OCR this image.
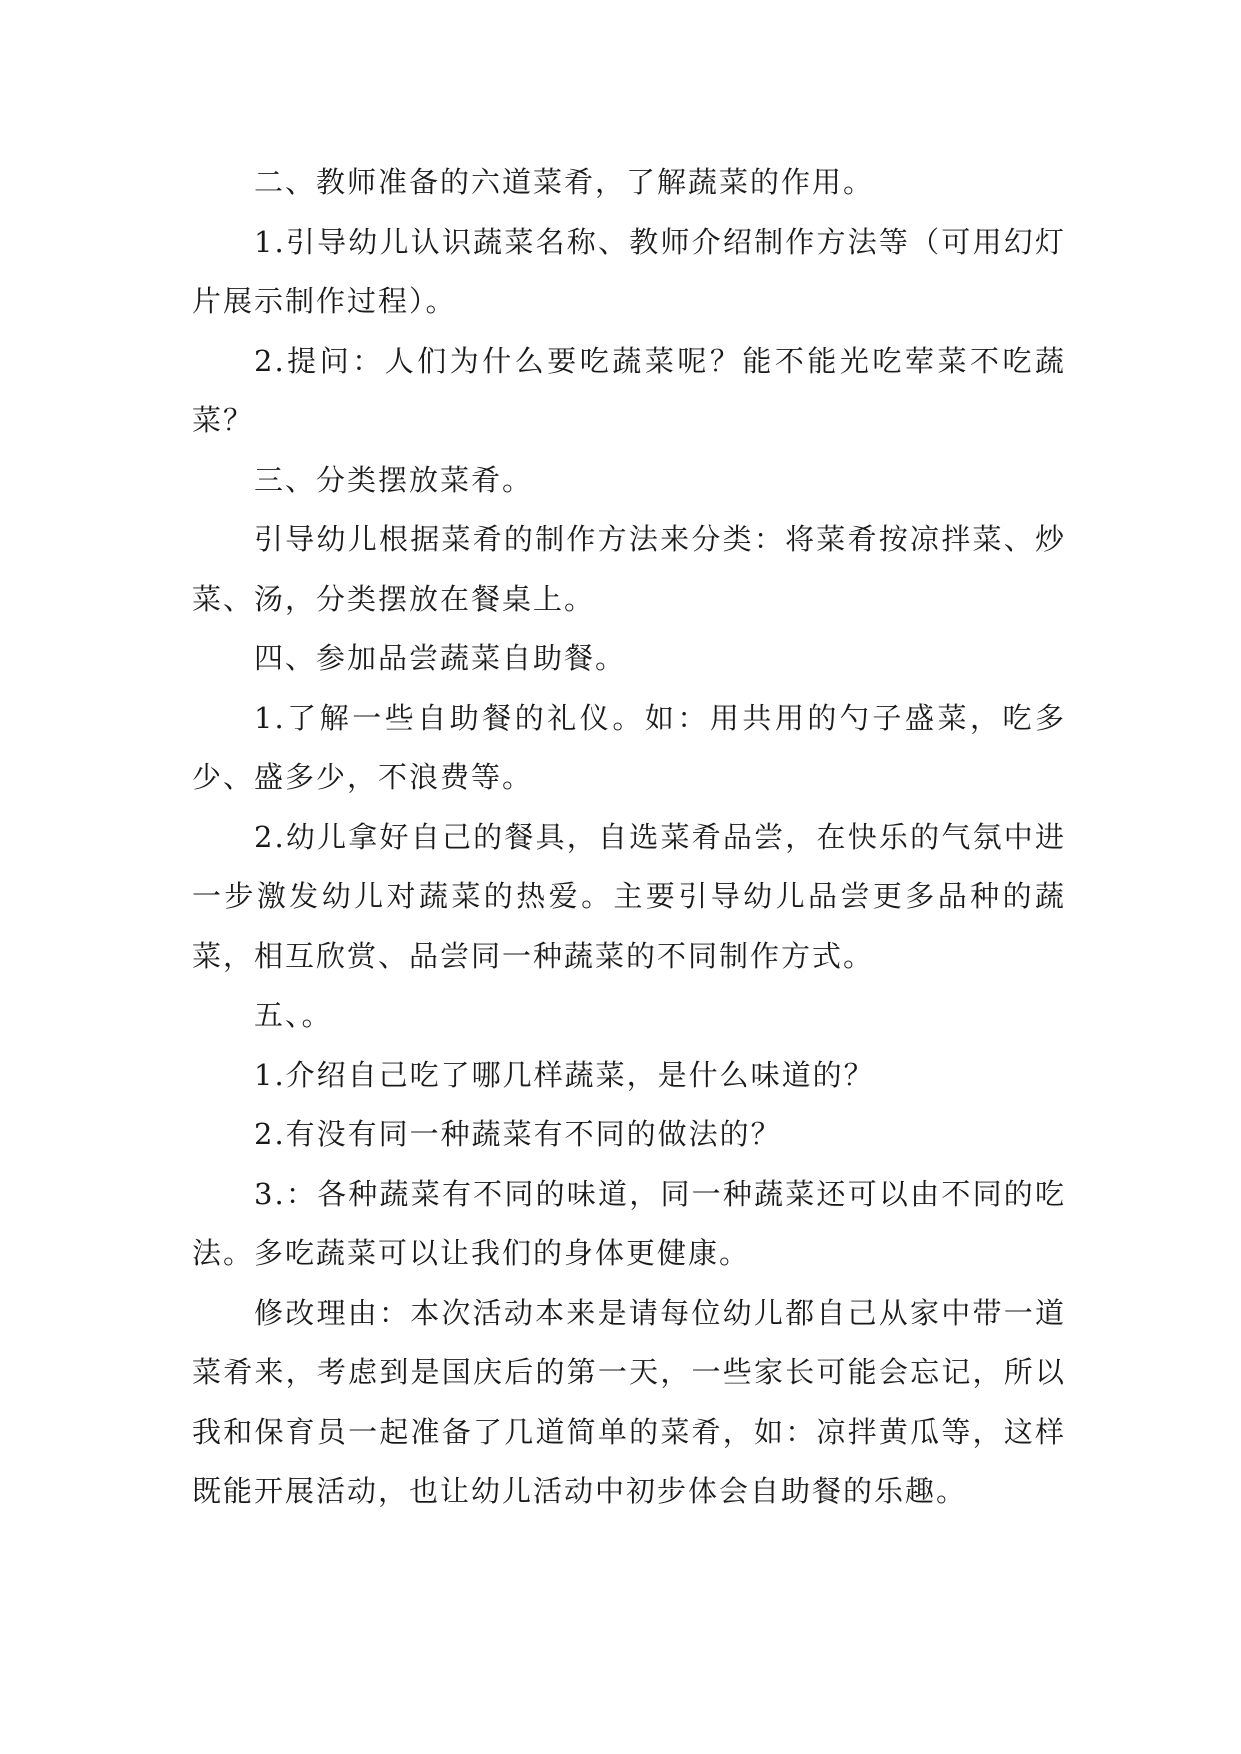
二、教师准备的六道菜肴，了解蔬菜的作用。

1.引导幼儿认识蔬菜名称、教师介绍制作方法等（可用幻灯片展示制作过程）。

2.提问：人们为什么要吃蔬菜呢？能不能光吃荤菜不吃蔬菜？

三、分类摆放菜肴。

引导幼儿根据菜肴的制作方法来分类：将菜肴按凉拌菜、炒菜、汤，分类摆放在餐桌上。

四、参加品尝蔬菜自助餐。

1.了解一些自助餐的礼仪。如：用共用的勺子盛菜，吃多少、盛多少，不浪费等。

2.幼儿拿好自己的餐具，自选菜肴品尝，在快乐的气氛中进一步激发幼儿对蔬菜的热爱。主要引导幼儿品尝更多品种的蔬菜，相互欣赏、品尝同一种蔬菜的不同制作方式。

五、。

1.介绍自己吃了哪几样蔬菜，是什么味道的？

2.有没有同一种蔬菜有不同的做法的？

3.：各种蔬菜有不同的味道，同一种蔬菜还可以由不同的吃法。多吃蔬菜可以让我们的身体更健康。

修改理由：本次活动本来是请每位幼儿都自己从家中带一道菜肴来，考虑到是国庆后的第一天，一些家长可能会忘记，所以我和保育员一起准备了几道简单的菜肴，如：凉拌黄瓜等，这样既能开展活动，也让幼儿活动中初步体会自助餐的乐趣。
